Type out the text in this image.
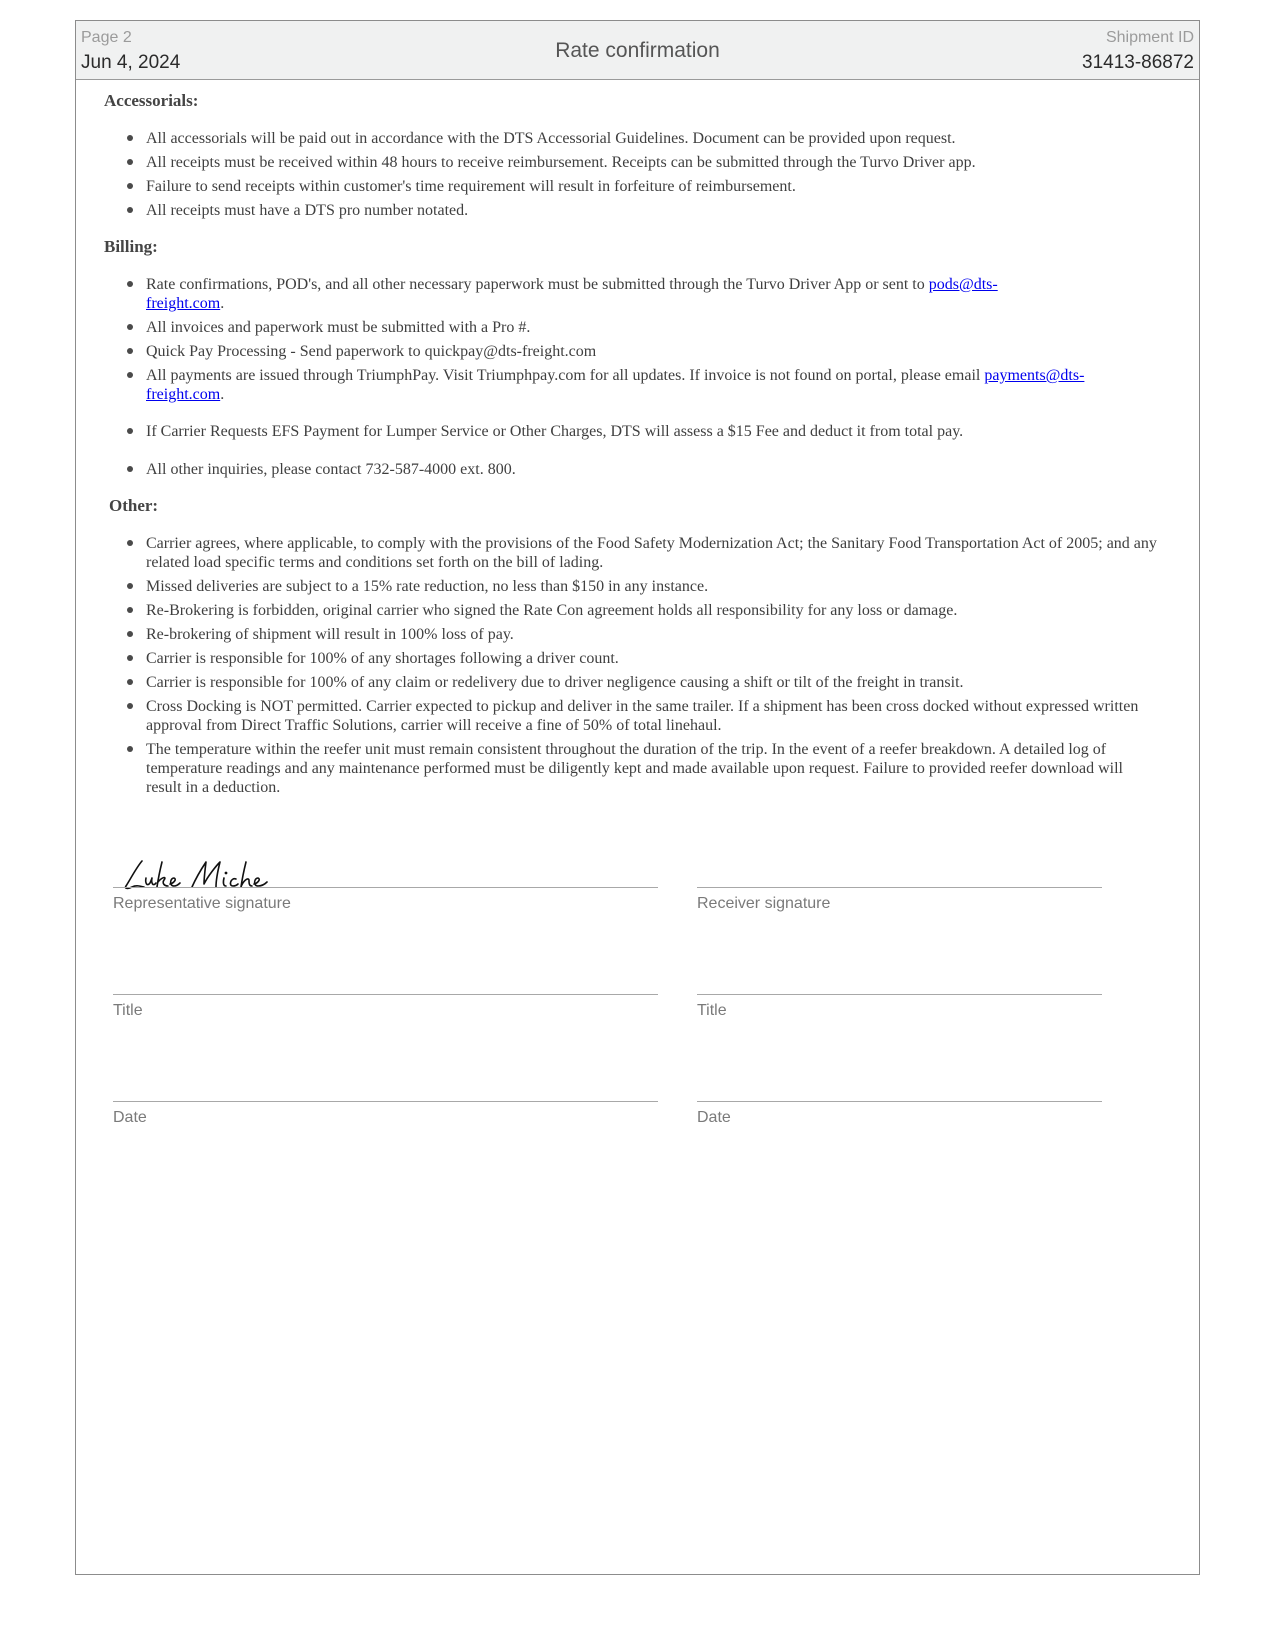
Page 2
Jun 4, 2024
Rate confirmation
Shipment ID
31413-86872
Accessorials:
All accessorials will be paid out in accordance with the DTS Accessorial Guidelines. Document can be provided upon request.
All receipts must be received within 48 hours to receive reimbursement. Receipts can be submitted through the Turvo Driver app.
Failure to send receipts within customer's time requirement will result in forfeiture of reimbursement.
All receipts must have a DTS pro number notated.
Billing:
Rate confirmations, POD's, and all other necessary paperwork must be submitted through the Turvo Driver App or sent to pods@dts-freight.com.
All invoices and paperwork must be submitted with a Pro #.
Quick Pay Processing - Send paperwork to quickpay@dts-freight.com
All payments are issued through TriumphPay. Visit Triumphpay.com for all updates. If invoice is not found on portal, please email payments@dts-freight.com.
If Carrier Requests EFS Payment for Lumper Service or Other Charges, DTS will assess a $15 Fee and deduct it from total pay.
All other inquiries, please contact 732-587-4000 ext. 800.
Other:
Carrier agrees, where applicable, to comply with the provisions of the Food Safety Modernization Act; the Sanitary Food Transportation Act of 2005; and any related load specific terms and conditions set forth on the bill of lading.
Missed deliveries are subject to a 15% rate reduction, no less than $150 in any instance.
Re-Brokering is forbidden, original carrier who signed the Rate Con agreement holds all responsibility for any loss or damage.
Re-brokering of shipment will result in 100% loss of pay.
Carrier is responsible for 100% of any shortages following a driver count.
Carrier is responsible for 100% of any claim or redelivery due to driver negligence causing a shift or tilt of the freight in transit.
Cross Docking is NOT permitted. Carrier expected to pickup and deliver in the same trailer. If a shipment has been cross docked without expressed written approval from Direct Traffic Solutions, carrier will receive a fine of 50% of total linehaul.
The temperature within the reefer unit must remain consistent throughout the duration of the trip. In the event of a reefer breakdown. A detailed log of temperature readings and any maintenance performed must be diligently kept and made available upon request. Failure to provided reefer download will result in a deduction.
Representative signature	Receiver signature
Title	Title
Date	Date
